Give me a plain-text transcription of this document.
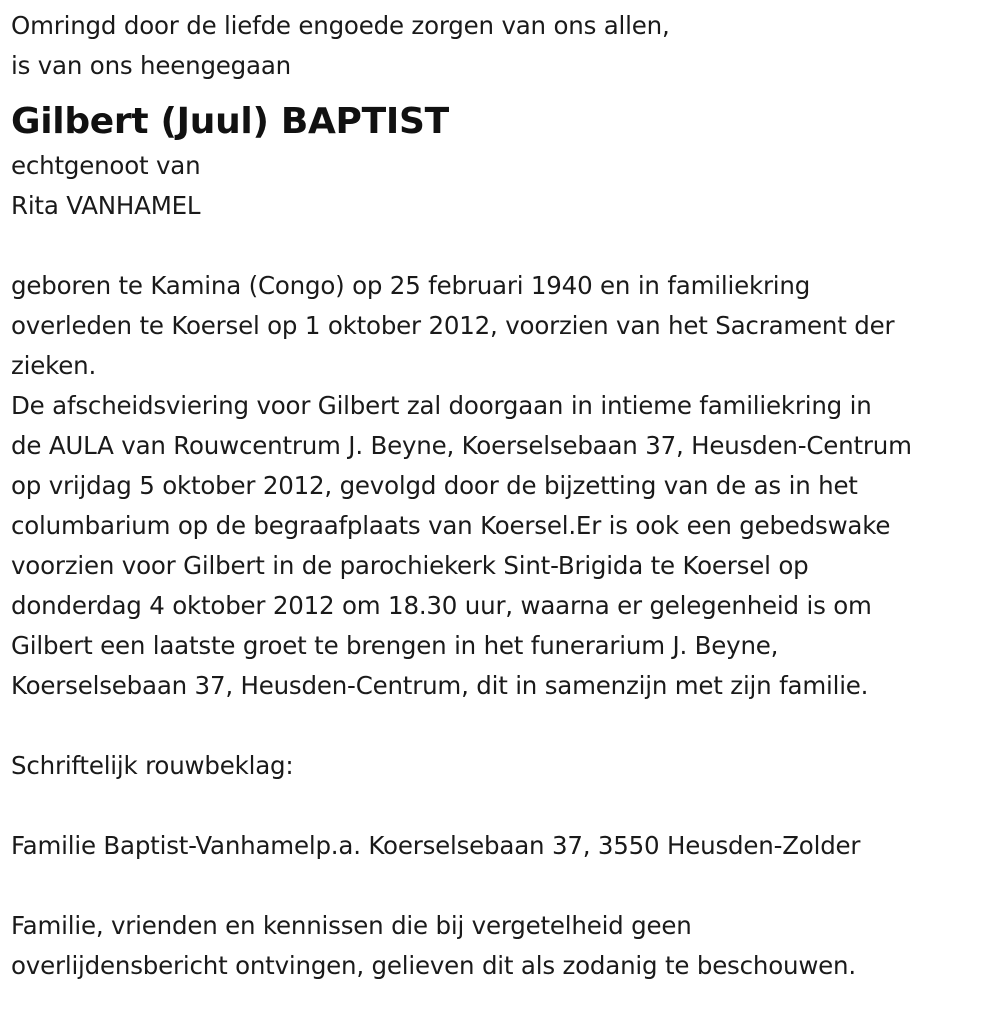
Omringd door de liefde engoede zorgen van ons allen,
is van ons heengegaan
Gilbert (Juul) BAPTIST
echtgenoot van
Rita VANHAMEL
geboren te Kamina (Congo) op 25 februari 1940 en in familiekring
overleden te Koersel op 1 oktober 2012, voorzien van het Sacrament der
zieken.
De afscheidsviering voor Gilbert zal doorgaan in intieme familiekring in
de AULA van Rouwcentrum J. Beyne, Koerselsebaan 37, Heusden-Centrum
op vrijdag 5 oktober 2012, gevolgd door de bijzetting van de as in het
columbarium op de begraafplaats van Koersel.Er is ook een gebedswake
voorzien voor Gilbert in de parochiekerk Sint-Brigida te Koersel op
donderdag 4 oktober 2012 om 18.30 uur, waarna er gelegenheid is om
Gilbert een laatste groet te brengen in het funerarium J. Beyne,
Koerselsebaan 37, Heusden-Centrum, dit in samenzijn met zijn familie.
Schriftelijk rouwbeklag:
Familie Baptist-Vanhamelp.a. Koerselsebaan 37, 3550 Heusden-Zolder
Familie, vrienden en kennissen die bij vergetelheid geen
overlijdensbericht ontvingen, gelieven dit als zodanig te beschouwen.
